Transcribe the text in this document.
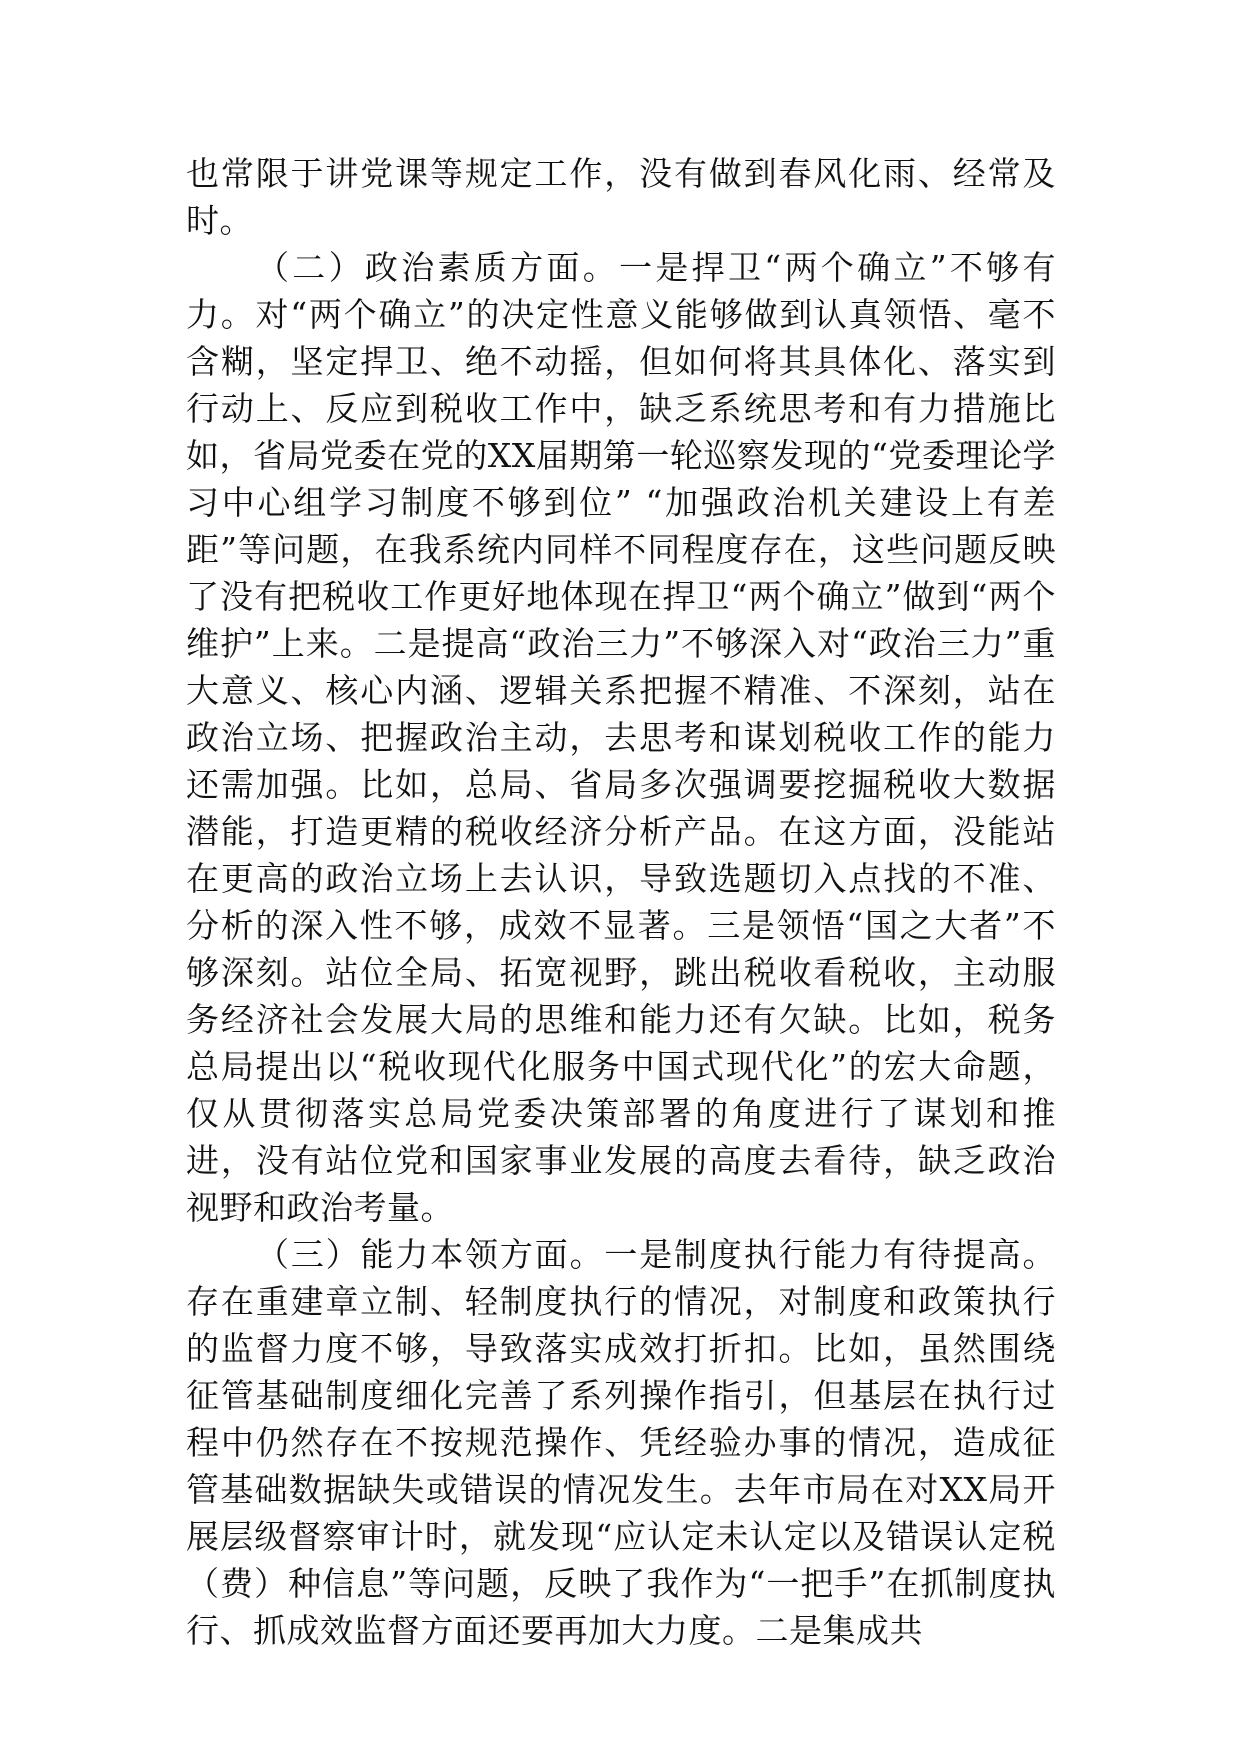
也常限于讲党课等规定工作，没有做到春风化雨、经常及时。

（二）政治素质方面。一是捍卫“两个确立”不够有力。对“两个确立”的决定性意义能够做到认真领悟、毫不含糊，坚定捍卫、绝不动摇，但如何将其具体化、落实到行动上、反应到税收工作中，缺乏系统思考和有力措施比如，省局党委在党的XX届期第一轮巡察发现的“党委理论学习中心组学习制度不够到位” “加强政治机关建设上有差距”等问题，在我系统内同样不同程度存在，这些问题反映了没有把税收工作更好地体现在捍卫“两个确立”做到“两个维护”上来。二是提高“政治三力”不够深入对“政治三力”重大意义、核心内涵、逻辑关系把握不精准、不深刻，站在政治立场、把握政治主动，去思考和谋划税收工作的能力还需加强。比如，总局、省局多次强调要挖掘税收大数据潜能，打造更精的税收经济分析产品。在这方面，没能站在更高的政治立场上去认识，导致选题切入点找的不准、分析的深入性不够，成效不显著。三是领悟“国之大者”不够深刻。站位全局、拓宽视野，跳出税收看税收，主动服务经济社会发展大局的思维和能力还有欠缺。比如，税务总局提出以“税收现代化服务中国式现代化”的宏大命题，仅从贯彻落实总局党委决策部署的角度进行了谋划和推进，没有站位党和国家事业发展的高度去看待，缺乏政治视野和政治考量。

（三）能力本领方面。一是制度执行能力有待提高。存在重建章立制、轻制度执行的情况，对制度和政策执行的监督力度不够，导致落实成效打折扣。比如，虽然围绕征管基础制度细化完善了系列操作指引，但基层在执行过程中仍然存在不按规范操作、凭经验办事的情况，造成征管基础数据缺失或错误的情况发生。去年市局在对XX局开展层级督察审计时，就发现“应认定未认定以及错误认定税（费）种信息”等问题，反映了我作为“一把手”在抓制度执行、抓成效监督方面还要再加大力度。二是集成共
